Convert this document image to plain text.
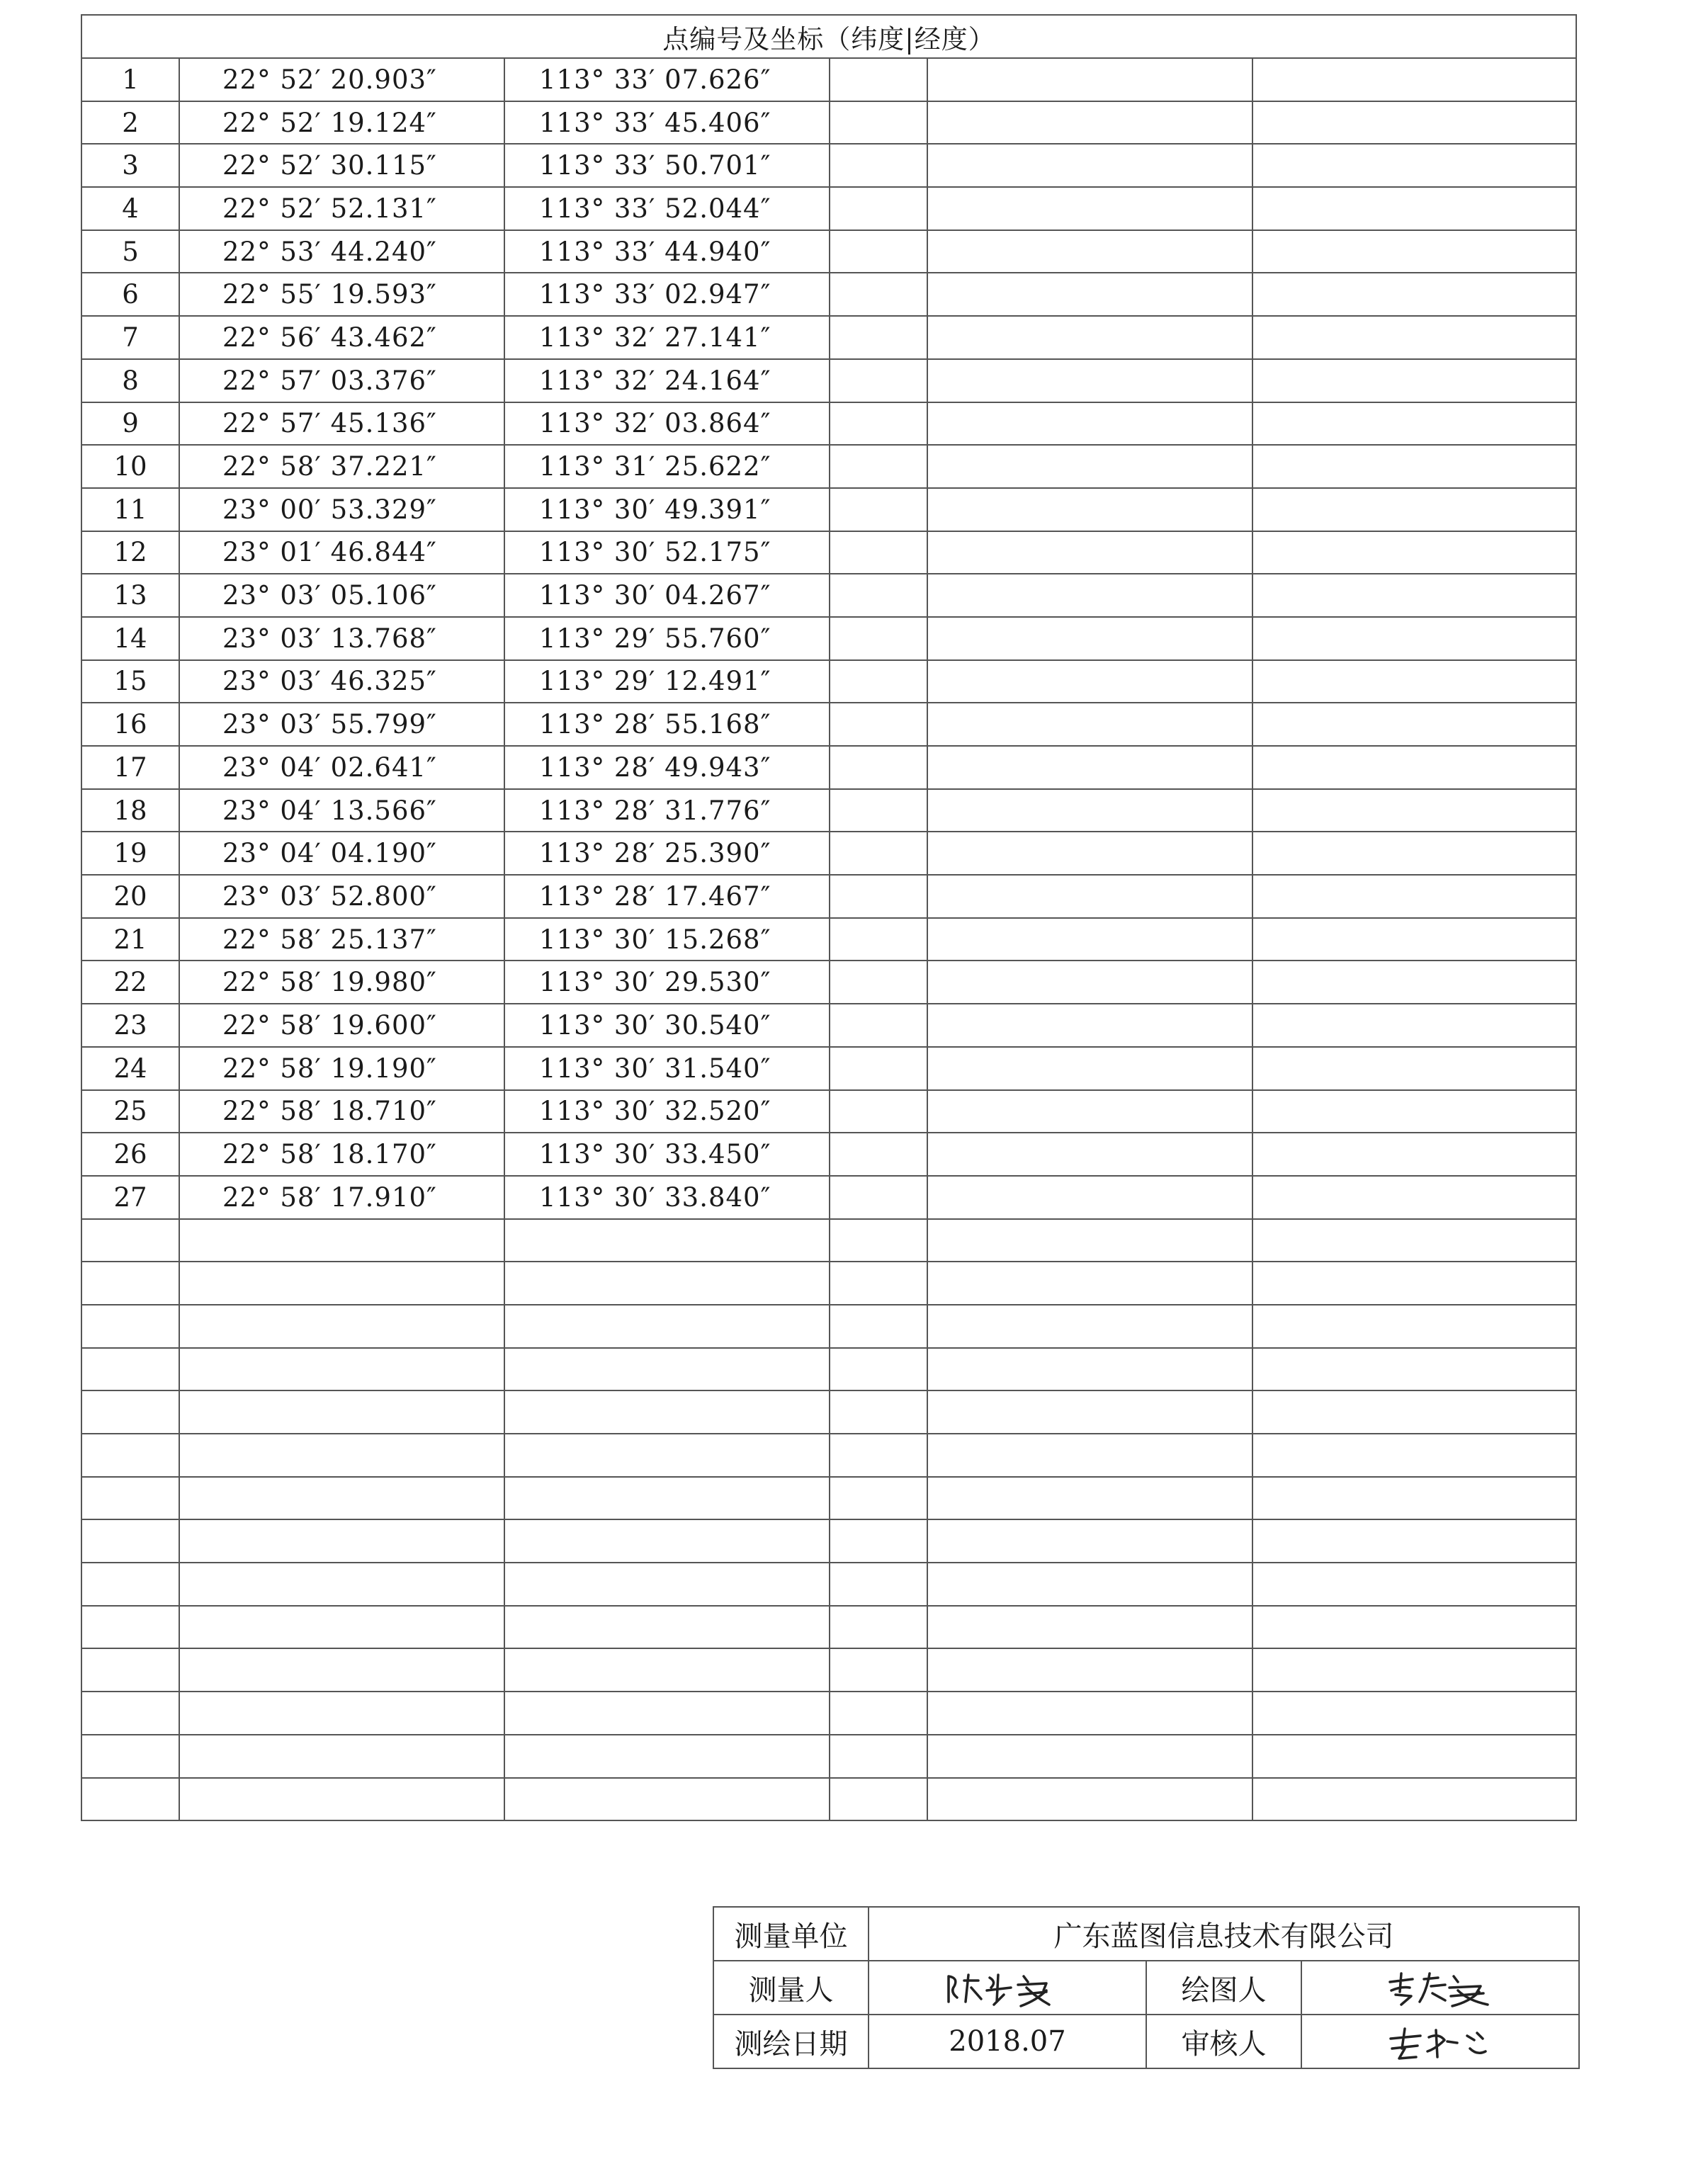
点编号及坐标（纬度|经度）					
1	22° 52′ 20.903″	113° 33′ 07.626″			
2	22° 52′ 19.124″	113° 33′ 45.406″			
3	22° 52′ 30.115″	113° 33′ 50.701″			
4	22° 52′ 52.131″	113° 33′ 52.044″			
5	22° 53′ 44.240″	113° 33′ 44.940″			
6	22° 55′ 19.593″	113° 33′ 02.947″			
7	22° 56′ 43.462″	113° 32′ 27.141″			
8	22° 57′ 03.376″	113° 32′ 24.164″			
9	22° 57′ 45.136″	113° 32′ 03.864″			
10	22° 58′ 37.221″	113° 31′ 25.622″			
11	23° 00′ 53.329″	113° 30′ 49.391″			
12	23° 01′ 46.844″	113° 30′ 52.175″			
13	23° 03′ 05.106″	113° 30′ 04.267″			
14	23° 03′ 13.768″	113° 29′ 55.760″			
15	23° 03′ 46.325″	113° 29′ 12.491″			
16	23° 03′ 55.799″	113° 28′ 55.168″			
17	23° 04′ 02.641″	113° 28′ 49.943″			
18	23° 04′ 13.566″	113° 28′ 31.776″			
19	23° 04′ 04.190″	113° 28′ 25.390″			
20	23° 03′ 52.800″	113° 28′ 17.467″			
21	22° 58′ 25.137″	113° 30′ 15.268″			
22	22° 58′ 19.980″	113° 30′ 29.530″			
23	22° 58′ 19.600″	113° 30′ 30.540″			
24	22° 58′ 19.190″	113° 30′ 31.540″			
25	22° 58′ 18.710″	113° 30′ 32.520″			
26	22° 58′ 18.170″	113° 30′ 33.450″			
27	22° 58′ 17.910″	113° 30′ 33.840″			

测量单位	广东蓝图信息技术有限公司		
测量人		绘图人	

测绘日期	2018.07	审核人	
